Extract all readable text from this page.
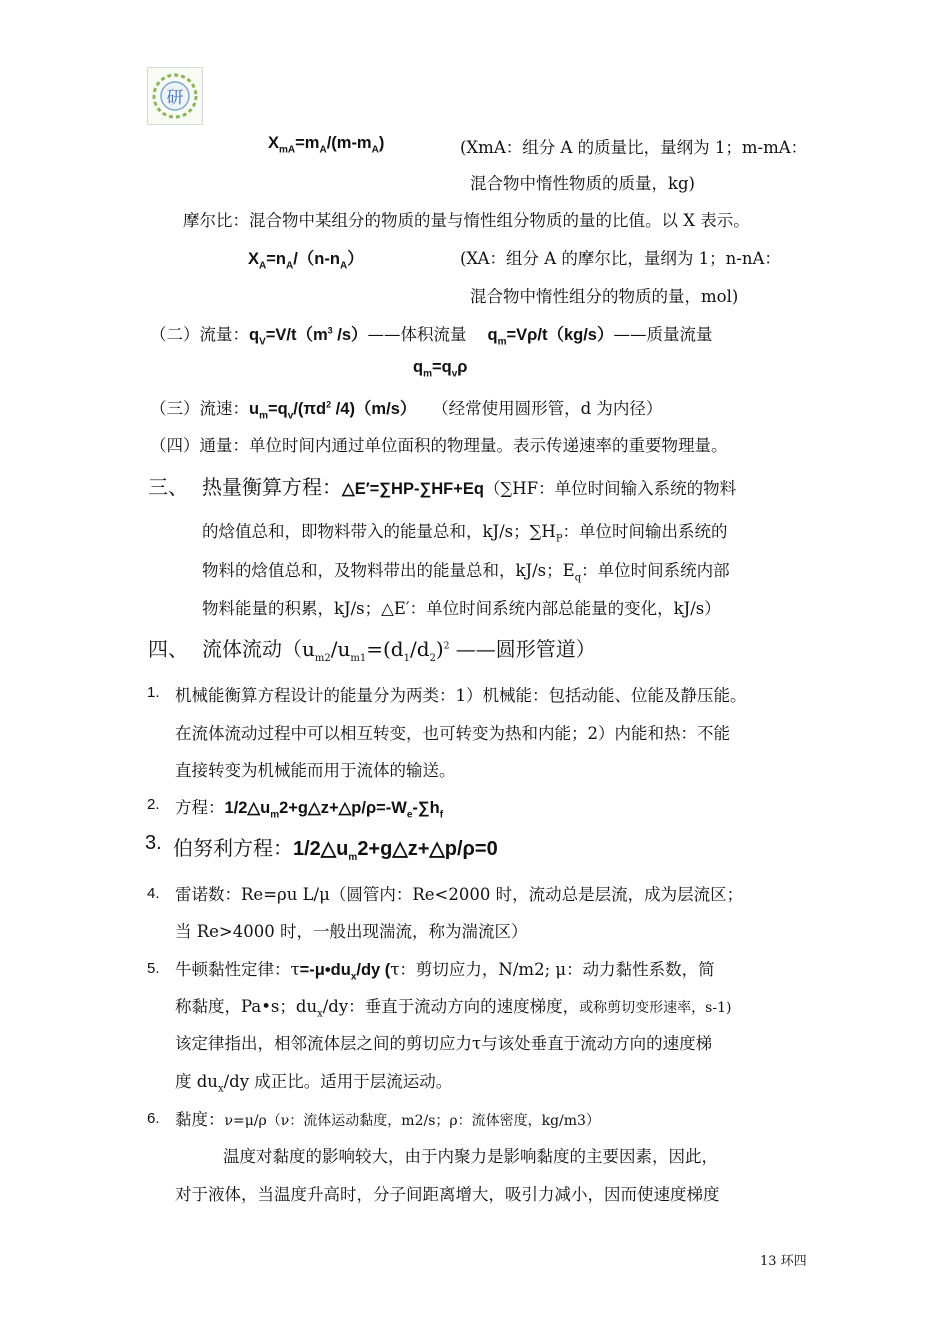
研
$X_{mA}=m_A/(m-m_A)$	(XmA：组分 A 的质量比，量纲为 1；m-mA：
混合物中惰性物质的质量，kg)
摩尔比：混合物中某组分的物质的量与惰性组分物质的量的比值。以 X 表示。
$X_A=n_A/(n-n_A)$	(XA：组分 A 的摩尔比，量纲为 1；n-nA：
混合物中惰性组分的物质的量，mol)
（二）流量：$q_V=V/t(m^3$ /s）——体积流量 $q_m=V\rho/t(kg/s)——$质量流量
$q_m=q_v\rho$
（三）流速：$u_m=q_v/(\pi d^2$ /4)（m/s） （经常使用圆形管，d 为内径）
（四）通量：单位时间内通过单位面积的物理量。表示传递速率的重要物理量。
三、 热量衡算方程：△E′=∑HP-∑HF+Eq（∑HF：单位时间输入系统的物料
的焓值总和，即物料带入的能量总和，kJ/s；$\sum H_P$：单位时间输出系统的
物料的焓值总和，及物料带出的能量总和，kJ/s；$E_q$：单位时间系统内部
物料能量的积累，kJ/s；△E′：单位时间系统内部总能量的变化，kJ/s）
四、 流体流动（$u_{m2}/u_{m1}=(d_1/d_2)^2$ ——圆形管道）
1. 机械能衡算方程设计的能量分为两类：1）机械能：包括动能、位能及静压能。
在流体流动过程中可以相互转变，也可转变为热和内能；2）内能和热：不能
直接转变为机械能而用于流体的输送。
2. 方程：$1/2\triangle u_m2+g\triangle z+\triangle p/\rho=-W_e-\sum h_f$
3. 伯努利方程：$1/2\triangle u_m2+g\triangle z+\triangle p/\rho=0$
4. 雷诺数：Re=ρu L/μ（圆管内：Re<2000 时，流动总是层流，成为层流区；
当 Re>4000 时，一般出现湍流，称为湍流区）
5. 牛顿黏性定律：$\tau=-\mu•du_x/dy$ (τ：剪切应力，N/m2; μ：动力黏性系数，简
称黏度，Pa•s；$du_x/dy$：垂直于流动方向的速度梯度，或称剪切变形速率，s-1)
该定律指出，相邻流体层之间的剪切应力τ与该处垂直于流动方向的速度梯
度 $du_x/dy$ 成正比。适用于层流运动。
6. 黏度：ν=μ/ρ（ν：流体运动黏度，m2/s；ρ：流体密度，kg/m3）
温度对黏度的影响较大，由于内聚力是影响黏度的主要因素，因此，
对于液体，当温度升高时，分子间距离增大，吸引力减小，因而使速度梯度
13 环四
